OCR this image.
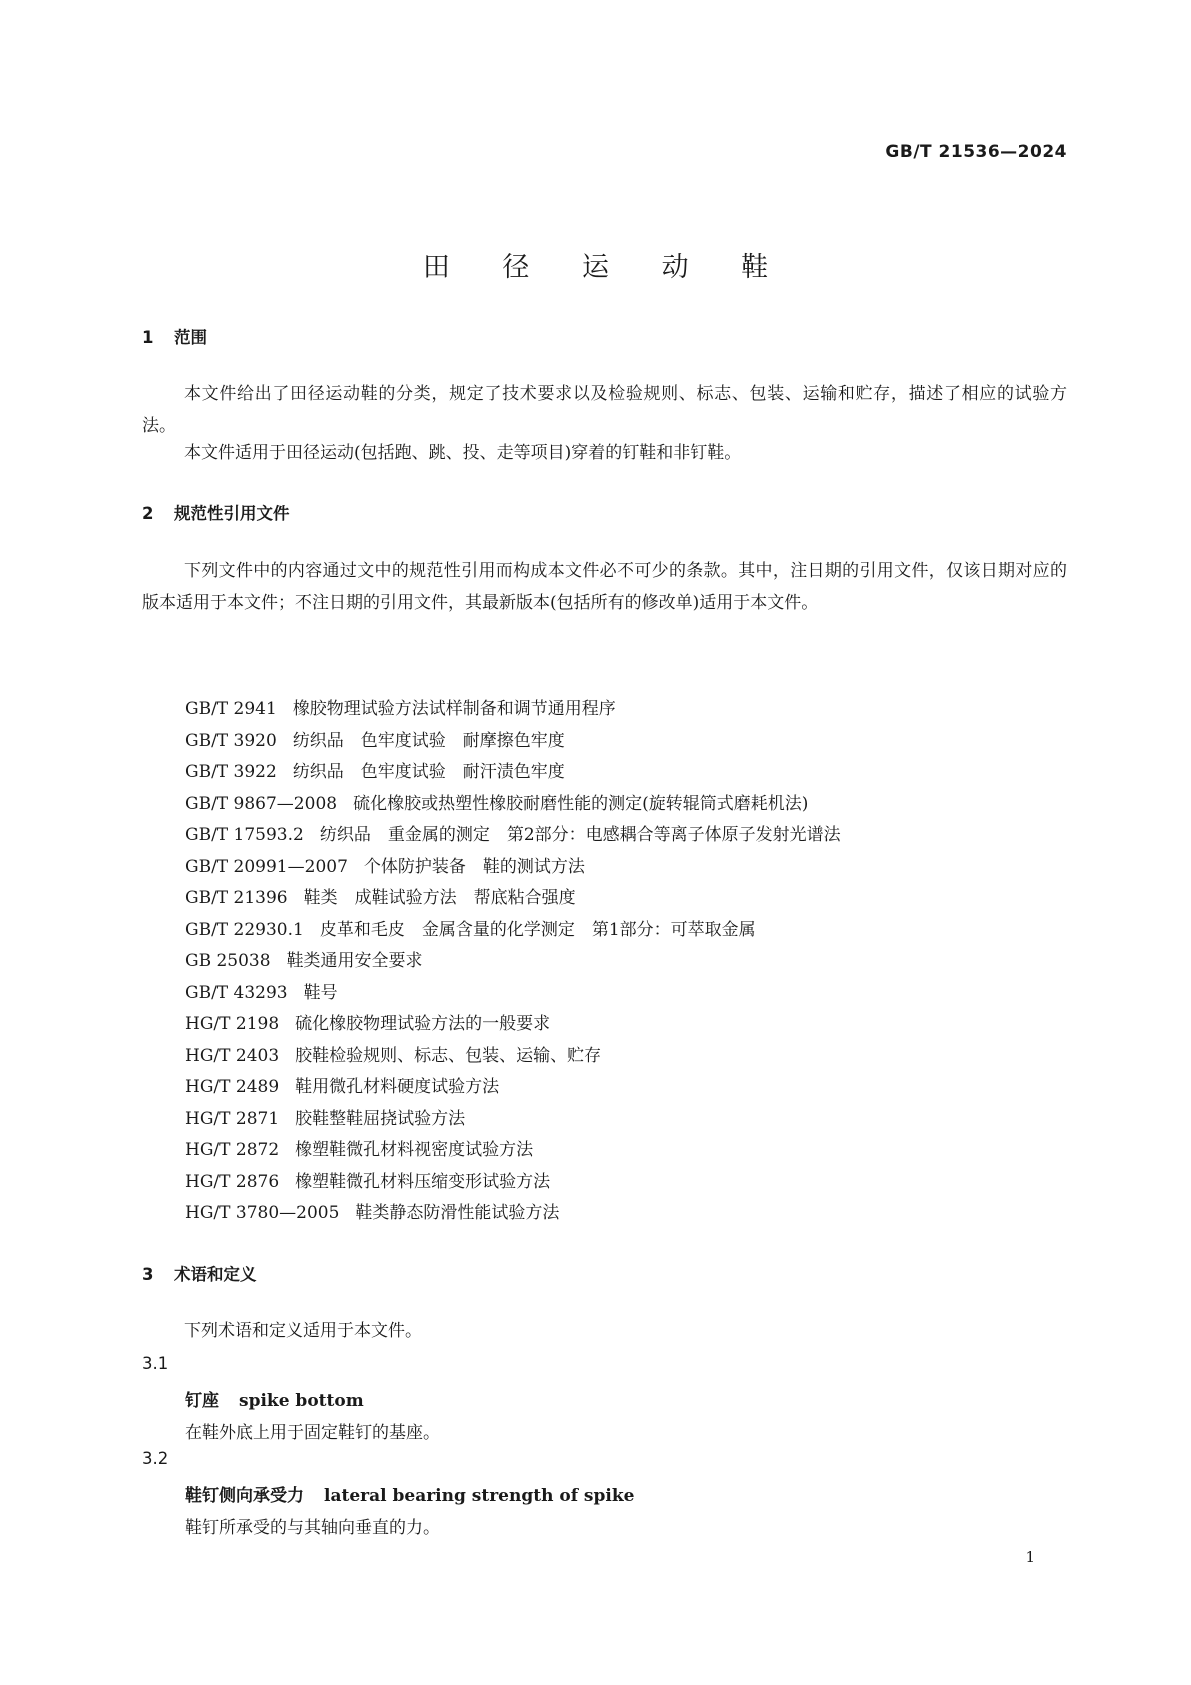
GB/T 21536—2024
田 径 运 动 鞋
1 范围
本文件给出了田径运动鞋的分类，规定了技术要求以及检验规则、标志、包装、运输和贮存，描述了相应的试验方法。
本文件适用于田径运动(包括跑、跳、投、走等项目)穿着的钉鞋和非钉鞋。
2 规范性引用文件
下列文件中的内容通过文中的规范性引用而构成本文件必不可少的条款。其中，注日期的引用文件，仅该日期对应的版本适用于本文件；不注日期的引用文件，其最新版本(包括所有的修改单)适用于本文件。
GB/T 2941 橡胶物理试验方法试样制备和调节通用程序
GB/T 3920 纺织品　色牢度试验　耐摩擦色牢度
GB/T 3922 纺织品　色牢度试验　耐汗渍色牢度
GB/T 9867—2008 硫化橡胶或热塑性橡胶耐磨性能的测定(旋转辊筒式磨耗机法)
GB/T 17593.2 纺织品　重金属的测定　第2部分：电感耦合等离子体原子发射光谱法
GB/T 20991—2007 个体防护装备　鞋的测试方法
GB/T 21396 鞋类　成鞋试验方法　帮底粘合强度
GB/T 22930.1 皮革和毛皮　金属含量的化学测定　第1部分：可萃取金属
GB 25038 鞋类通用安全要求
GB/T 43293 鞋号
HG/T 2198 硫化橡胶物理试验方法的一般要求
HG/T 2403 胶鞋检验规则、标志、包装、运输、贮存
HG/T 2489 鞋用微孔材料硬度试验方法
HG/T 2871 胶鞋整鞋屈挠试验方法
HG/T 2872 橡塑鞋微孔材料视密度试验方法
HG/T 2876 橡塑鞋微孔材料压缩变形试验方法
HG/T 3780—2005 鞋类静态防滑性能试验方法
3 术语和定义
下列术语和定义适用于本文件。
3.1
钉座 spike bottom
在鞋外底上用于固定鞋钉的基座。
3.2
鞋钉侧向承受力 lateral bearing strength of spike
鞋钉所承受的与其轴向垂直的力。
1
